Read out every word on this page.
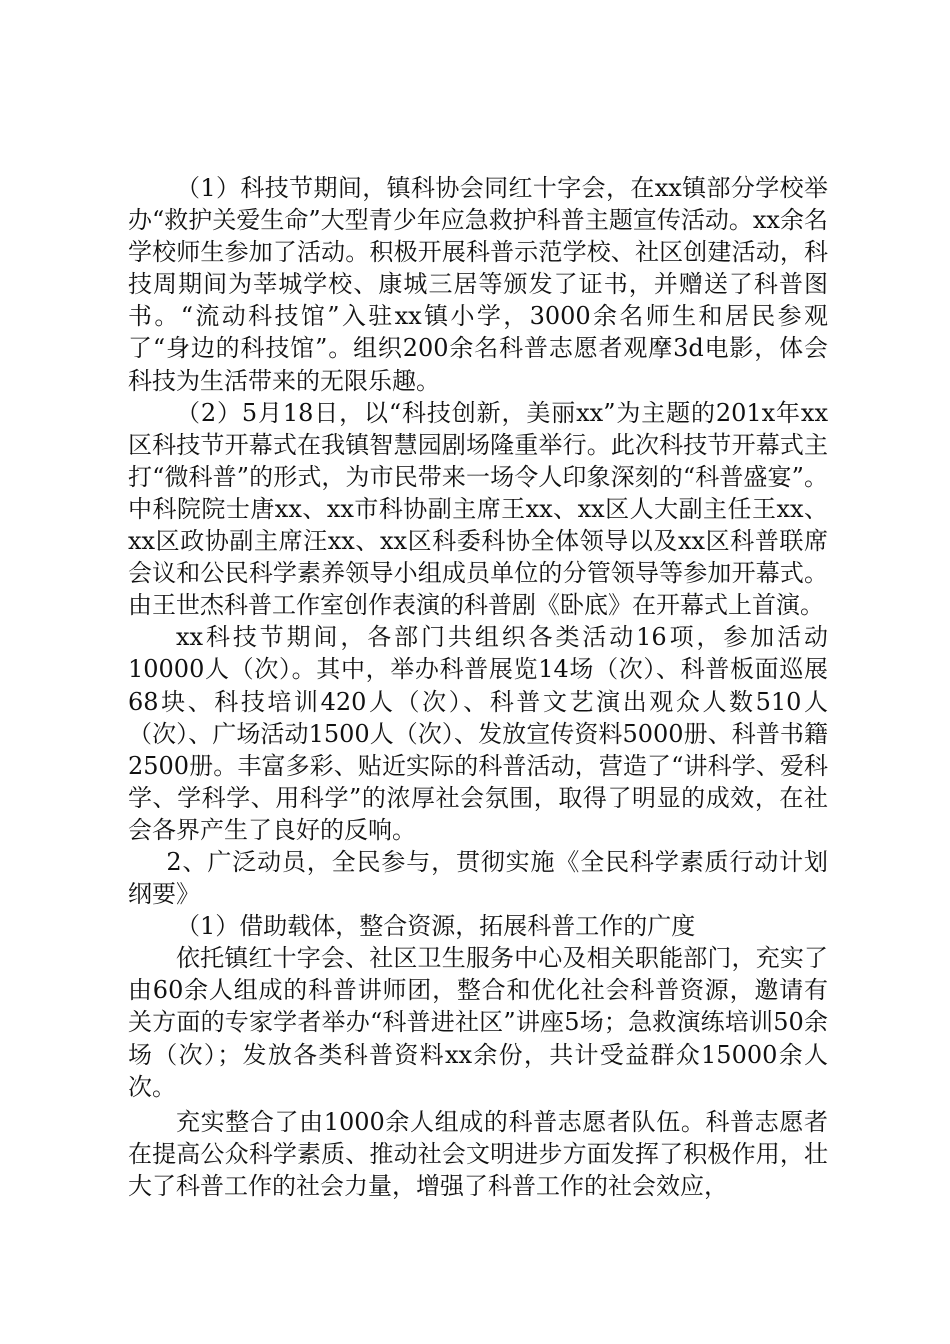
（1）科技节期间，镇科协会同红十字会，在xx镇部分学校举办“救护关爱生命”大型青少年应急救护科普主题宣传活动。xx余名学校师生参加了活动。积极开展科普示范学校、社区创建活动，科技周期间为莘城学校、康城三居等颁发了证书，并赠送了科普图书。“流动科技馆”入驻xx镇小学，3000余名师生和居民参观了“身边的科技馆”。组织200余名科普志愿者观摩3d电影，体会科技为生活带来的无限乐趣。

（2）5月18日，以“科技创新，美丽xx”为主题的201x年xx区科技节开幕式在我镇智慧园剧场隆重举行。此次科技节开幕式主打“微科普”的形式，为市民带来一场令人印象深刻的“科普盛宴”。中科院院士唐xx、xx市科协副主席王xx、xx区人大副主任王xx、xx区政协副主席汪xx、xx区科委科协全体领导以及xx区科普联席会议和公民科学素养领导小组成员单位的分管领导等参加开幕式。由王世杰科普工作室创作表演的科普剧《卧底》在开幕式上首演。

xx科技节期间，各部门共组织各类活动16项，参加活动10000人（次）。其中，举办科普展览14场（次）、科普板面巡展68块、科技培训420人（次）、科普文艺演出观众人数510人（次）、广场活动1500人（次）、发放宣传资料5000册、科普书籍2500册。丰富多彩、贴近实际的科普活动，营造了“讲科学、爱科学、学科学、用科学”的浓厚社会氛围，取得了明显的成效，在社会各界产生了良好的反响。

2、广泛动员，全民参与，贯彻实施《全民科学素质行动计划纲要》

（1）借助载体，整合资源，拓展科普工作的广度

依托镇红十字会、社区卫生服务中心及相关职能部门，充实了由60余人组成的科普讲师团，整合和优化社会科普资源，邀请有关方面的专家学者举办“科普进社区”讲座5场；急救演练培训50余场（次）；发放各类科普资料xx余份，共计受益群众15000余人次。

充实整合了由1000余人组成的科普志愿者队伍。科普志愿者在提高公众科学素质、推动社会文明进步方面发挥了积极作用，壮大了科普工作的社会力量，增强了科普工作的社会效应，
